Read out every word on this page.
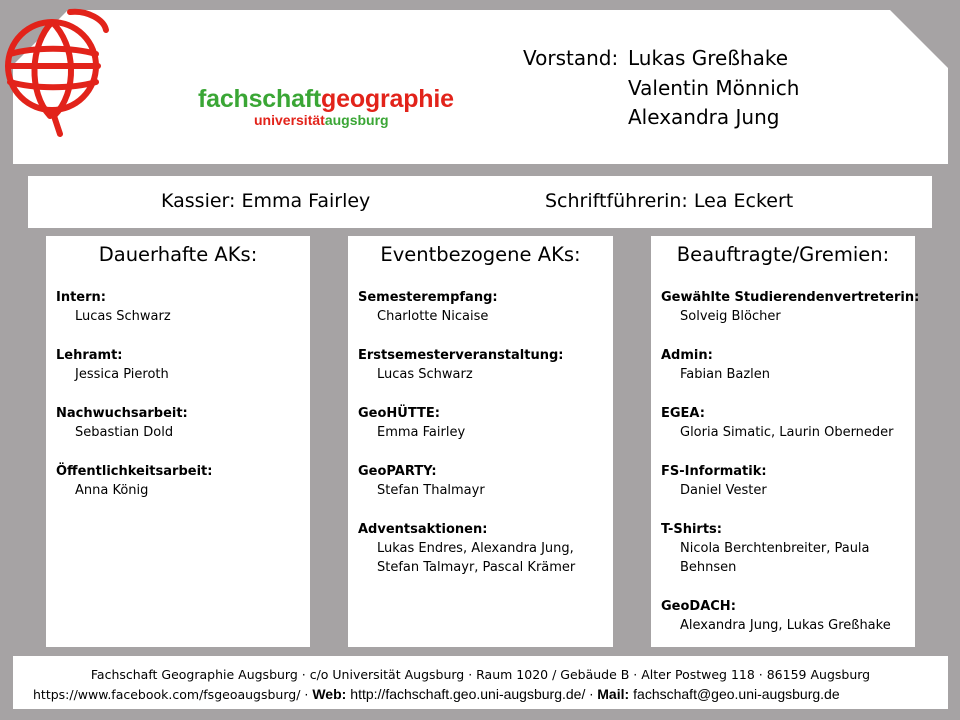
fachschaftgeographie
universitätaugsburg
Vorstand: Lukas Greßhake
Valentin Mönnich
Alexandra Jung
Kassier: Emma Fairley	Schriftführerin: Lea Eckert
Dauerhafte AKs:
Intern:
Lucas Schwarz
Lehramt:
Jessica Pieroth
Nachwuchsarbeit:
Sebastian Dold
Öffentlichkeitsarbeit:
Anna König
Eventbezogene AKs:
Semesterempfang:
Charlotte Nicaise
Erstsemesterveranstaltung:
Lucas Schwarz
GeoHÜTTE:
Emma Fairley
GeoPARTY:
Stefan Thalmayr
Adventsaktionen:
Lukas Endres, Alexandra Jung, Stefan Talmayr, Pascal Krämer
Beauftragte/Gremien:
Gewählte Studierendenvertreterin:
Solveig Blöcher
Admin:
Fabian Bazlen
EGEA:
Gloria Simatic, Laurin Oberneder
FS-Informatik:
Daniel Vester
T-Shirts:
Nicola Berchtenbreiter, Paula Behnsen
GeoDACH:
Alexandra Jung, Lukas Greßhake
Fachschaft Geographie Augsburg · c/o Universität Augsburg · Raum 1020 / Gebäude B · Alter Postweg 118 · 86159 Augsburg
https://www.facebook.com/fsgeoaugsburg/ · Web: http://fachschaft.geo.uni-augsburg.de/ · Mail: fachschaft@geo.uni-augsburg.de
